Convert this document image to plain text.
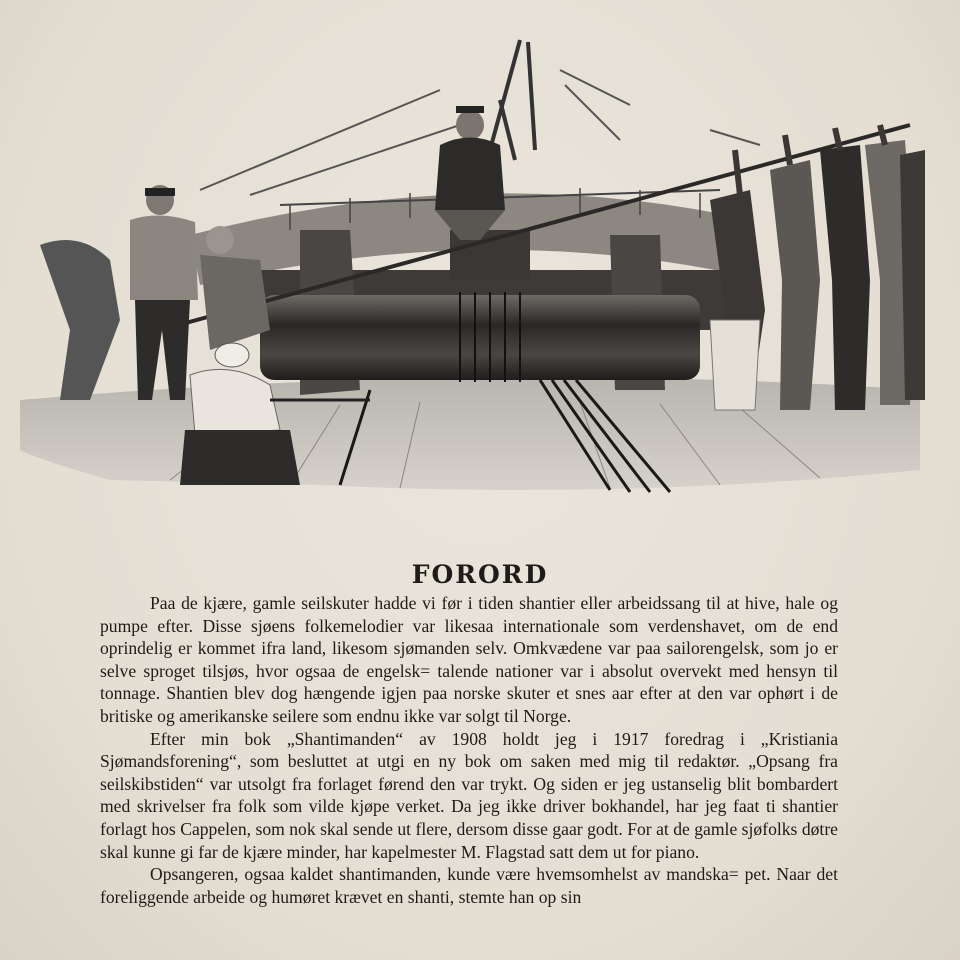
FORORD

Paa de kjære, gamle seilskuter hadde vi før i tiden shantier eller arbeidssang til at hive, hale og pumpe efter. Disse sjøens folkemelodier var likesaa internationale som verdenshavet, om de end oprindelig er kommet ifra land, likesom sjømanden selv. Omkvædene var paa sailorengelsk, som jo er selve sproget tilsjøs, hvor ogsaa de engelsk= talende nationer var i absolut overvekt med hensyn til tonnage. Shantien blev dog hængende igjen paa norske skuter et snes aar efter at den var ophørt i de britiske og amerikanske seilere som endnu ikke var solgt til Norge.

Efter min bok „Shantimanden“ av 1908 holdt jeg i 1917 foredrag i „Kristiania Sjømandsforening“, som besluttet at utgi en ny bok om saken med mig til redaktør. „Opsang fra seilskibstiden“ var utsolgt fra forlaget førend den var trykt. Og siden er jeg ustanselig blit bombardert med skrivelser fra folk som vilde kjøpe verket. Da jeg ikke driver bokhandel, har jeg faat ti shantier forlagt hos Cappelen, som nok skal sende ut flere, dersom disse gaar godt. For at de gamle sjøfolks døtre skal kunne gi far de kjære minder, har kapelmester M. Flagstad satt dem ut for piano.

Opsangeren, ogsaa kaldet shantimanden, kunde være hvemsomhelst av mandska= pet. Naar det foreliggende arbeide og humøret krævet en shanti, stemte han op sin
